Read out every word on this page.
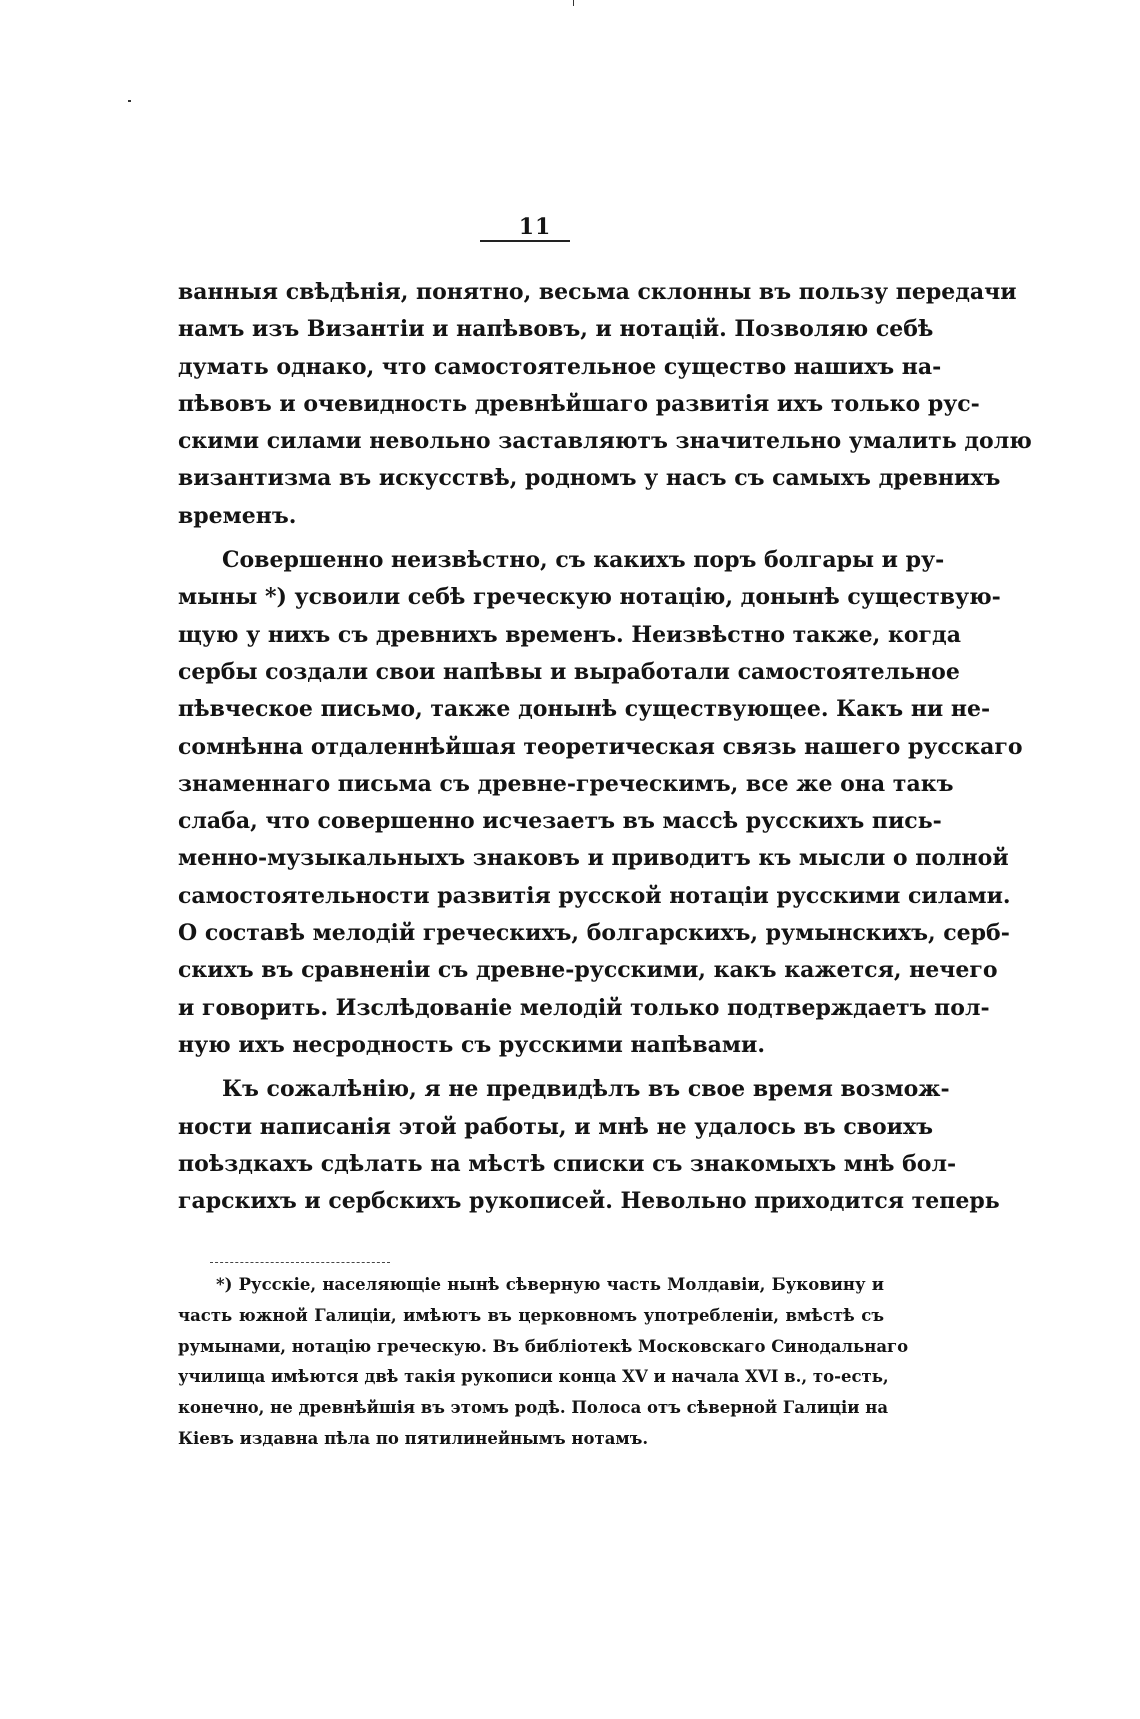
11
ванныя свѣдѣнія, понятно, весьма склонны въ пользу передачи
намъ изъ Византіи и напѣвовъ, и нотацій. Позволяю себѣ
думать однако, что самостоятельное существо нашихъ на-
пѣвовъ и очевидность древнѣйшаго развитія ихъ только рус-
скими силами невольно заставляютъ значительно умалить долю
византизма въ искусствѣ, родномъ у насъ съ самыхъ древнихъ
временъ.
Совершенно неизвѣстно, съ какихъ поръ болгары и ру-
мыны *) усвоили себѣ греческую нотацію, донынѣ существую-
щую у нихъ съ древнихъ временъ. Неизвѣстно также, когда
сербы создали свои напѣвы и выработали самостоятельное
пѣвческое письмо, также донынѣ существующее. Какъ ни не-
сомнѣнна отдаленнѣйшая теоретическая связь нашего русскаго
знаменнаго письма съ древне-греческимъ, все же она такъ
слаба, что совершенно исчезаетъ въ массѣ русскихъ пись-
менно-музыкальныхъ знаковъ и приводитъ къ мысли о полной
самостоятельности развитія русской нотаціи русскими силами.
О составѣ мелодій греческихъ, болгарскихъ, румынскихъ, серб-
скихъ въ сравненіи съ древне-русскими, какъ кажется, нечего
и говорить. Изслѣдованіе мелодій только подтверждаетъ пол-
ную ихъ несродность съ русскими напѣвами.
Къ сожалѣнію, я не предвидѣлъ въ свое время возмож-
ности написанія этой работы, и мнѣ не удалось въ своихъ
поѣздкахъ сдѣлать на мѣстѣ списки съ знакомыхъ мнѣ бол-
гарскихъ и сербскихъ рукописей. Невольно приходится теперь
*) Русскіе, населяющіе нынѣ сѣверную часть Молдавіи, Буковину и
часть южной Галиціи, имѣютъ въ церковномъ употребленіи, вмѣстѣ съ
румынами, нотацію греческую. Въ библіотекѣ Московскаго Синодальнаго
училища имѣются двѣ такія рукописи конца XV и начала XVI в., то-есть,
конечно, не древнѣйшія въ этомъ родѣ. Полоса отъ сѣверной Галиціи на
Кіевъ издавна пѣла по пятилинейнымъ нотамъ.
